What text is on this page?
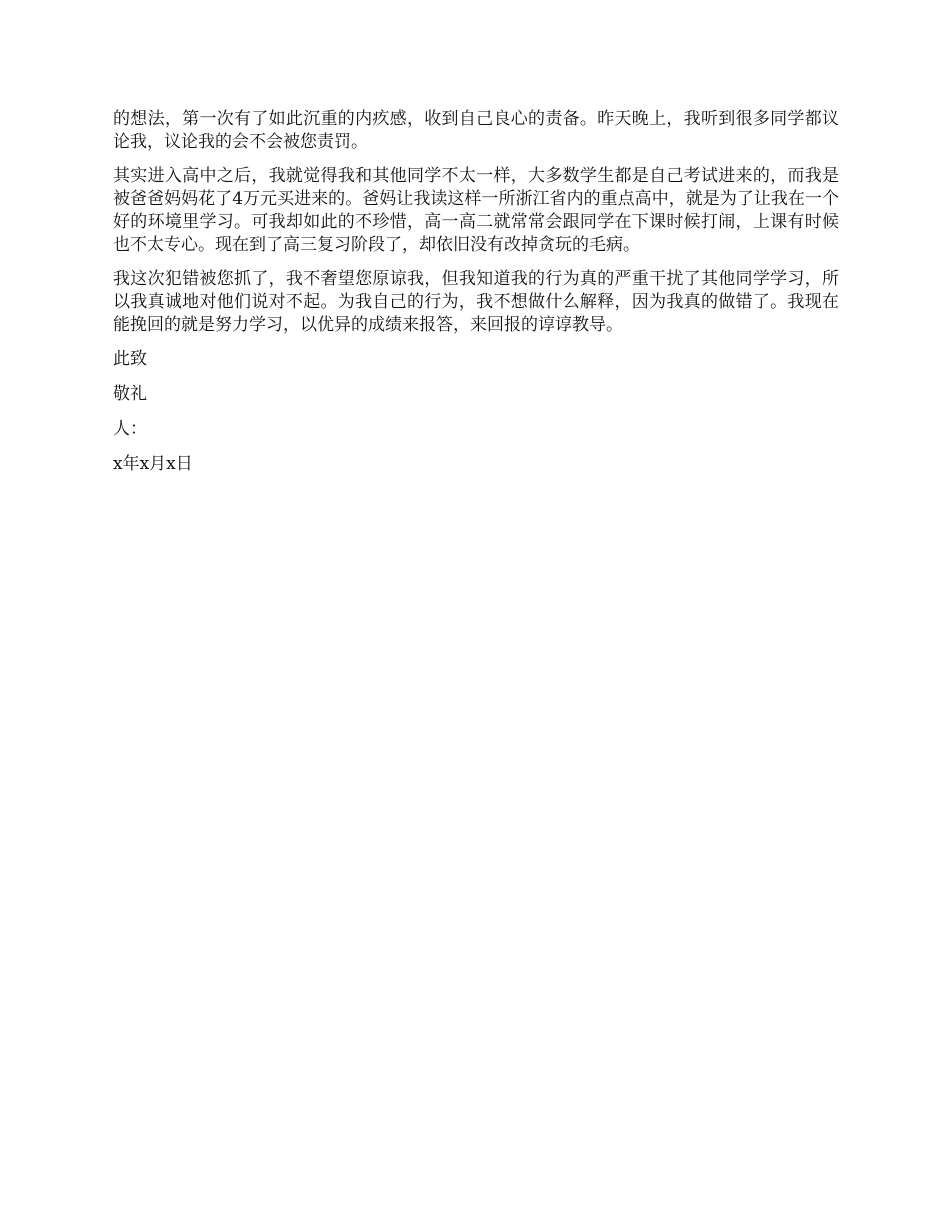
的想法，第一次有了如此沉重的内疚感，收到自己良心的责备。昨天晚上，我听到很多同学都议论我，议论我的会不会被您责罚。

其实进入高中之后，我就觉得我和其他同学不太一样，大多数学生都是自己考试进来的，而我是被爸爸妈妈花了4万元买进来的。爸妈让我读这样一所浙江省内的重点高中，就是为了让我在一个好的环境里学习。可我却如此的不珍惜，高一高二就常常会跟同学在下课时候打闹，上课有时候也不太专心。现在到了高三复习阶段了，却依旧没有改掉贪玩的毛病。

我这次犯错被您抓了，我不奢望您原谅我，但我知道我的行为真的严重干扰了其他同学学习，所以我真诚地对他们说对不起。为我自己的行为，我不想做什么解释，因为我真的做错了。我现在能挽回的就是努力学习，以优异的成绩来报答，来回报的谆谆教导。

此致

敬礼

人：

x年x月x日
